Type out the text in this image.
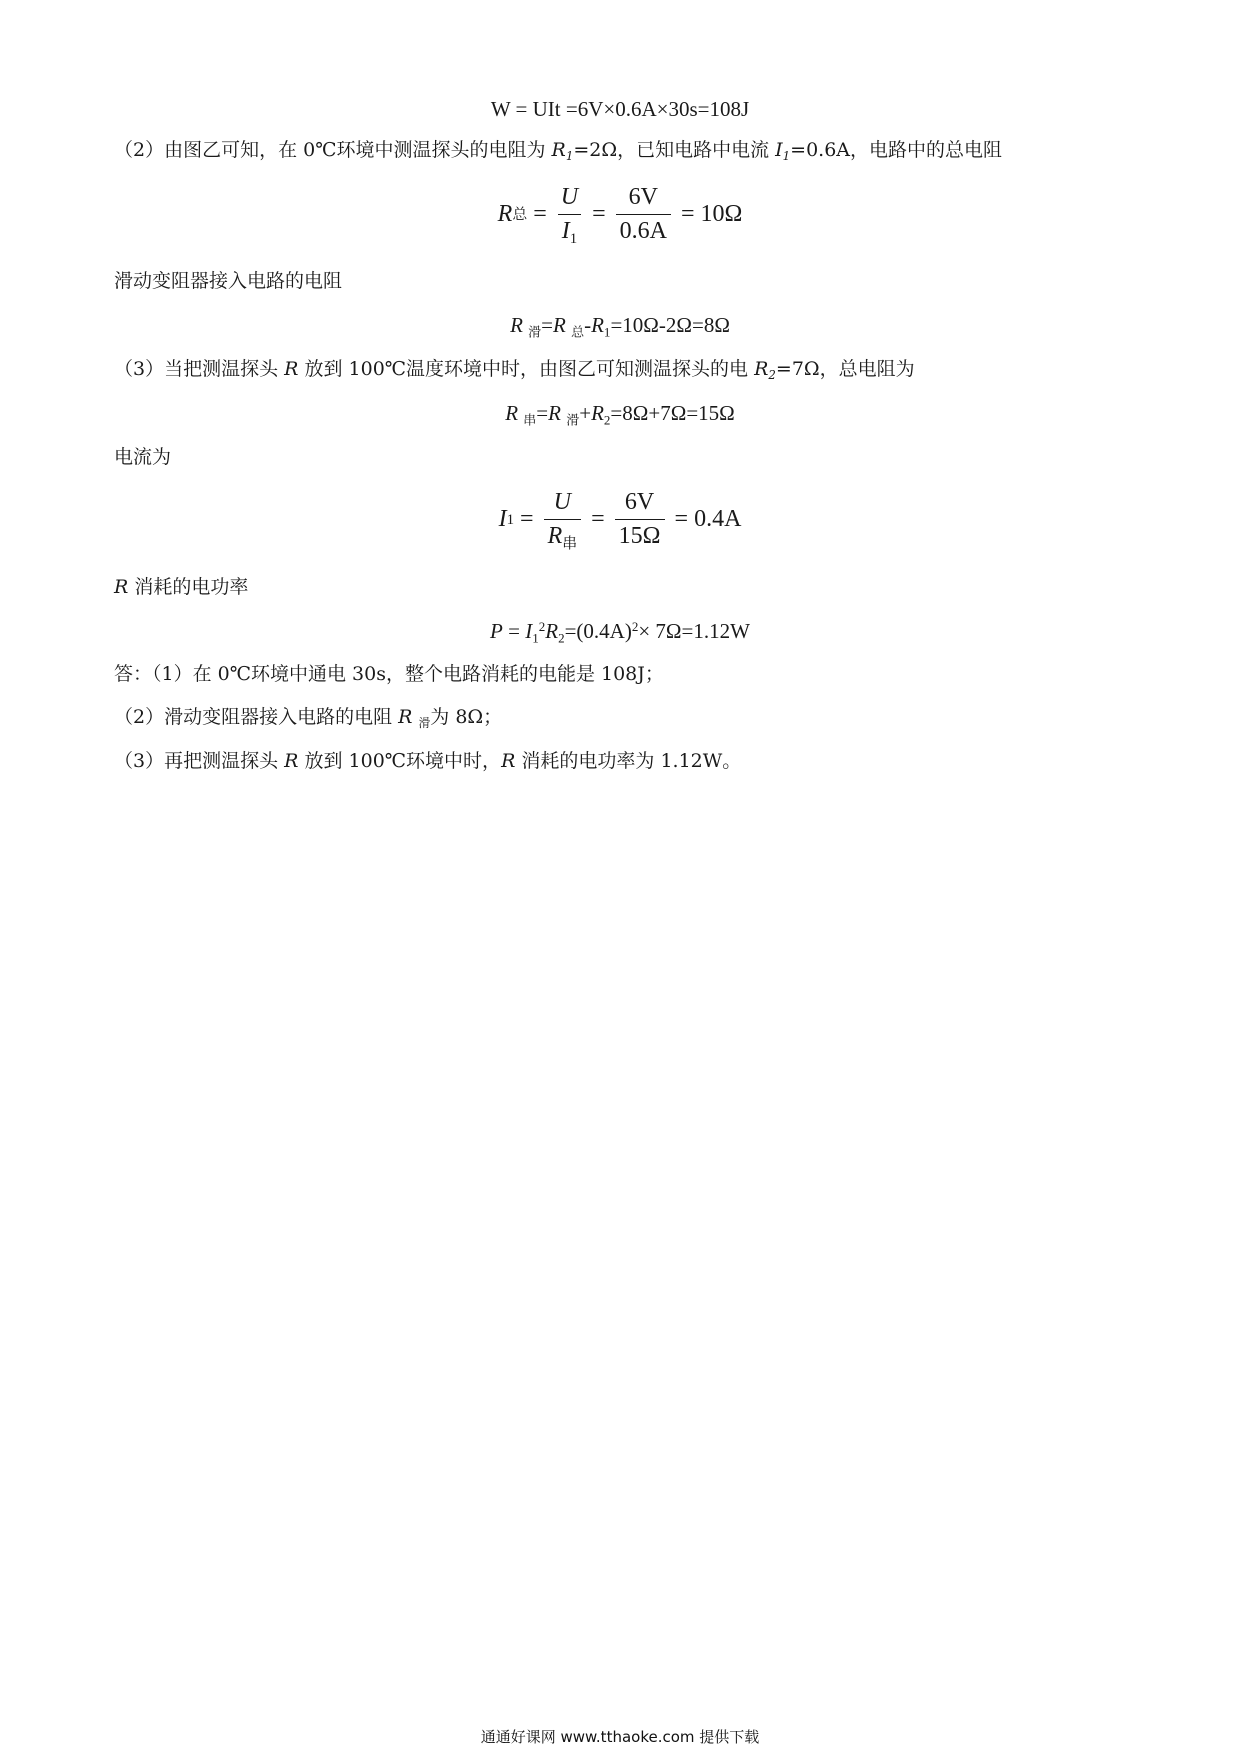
W = UIt =6V×0.6A×30s=108J
（2）由图乙可知，在 0℃环境中测温探头的电阻为 $R_1=2\Omega$，已知电路中电流 $I_1=0.6A$，电路中的总电阻
R 总 = $\frac{U}{I_1} = \frac{6V}{0.6A} = 10\Omega$
滑动变阻器接入电路的电阻
R $_滑$=R $_总-R_1=10\Omega-2\Omega=8\Omega$
（3）当把测温探头 R 放到 100℃温度环境中时，由图乙可知测温探头的电 $R_2=7\Omega$，总电阻为
R $_串$=R $_滑+R_2=8\Omega+7\Omega=15\Omega$
电流为
I $1 = \frac{U}{R_串} = \frac{6V}{15\Omega} = 0.4A$
R 消耗的电功率
$P = I_1^2R_2=(0.4A)^2\times 7\Omega=1.12W$
答：（1）在 0℃环境中通电 30s，整个电路消耗的电能是 108J；
（2）滑动变阻器接入电路的电阻 R $_滑$为 8Ω；
（3）再把测温探头 R 放到 100℃环境中时，R 消耗的电功率为 1.12W。
通通好课网 www.tthaoke.com 提供下载
